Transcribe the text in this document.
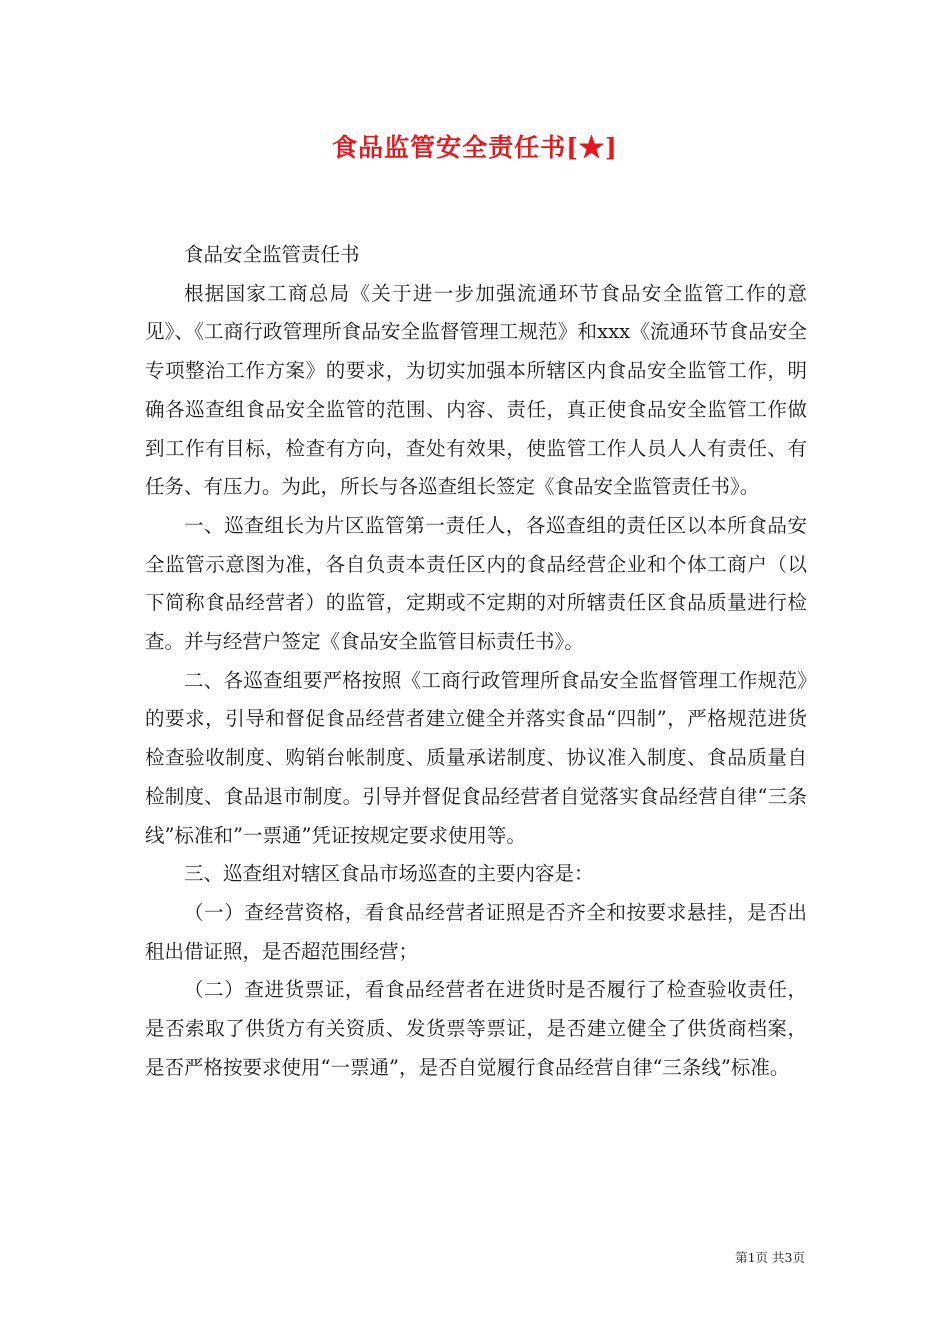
食品监管安全责任书[★]

食品安全监管责任书

根据国家工商总局《关于进一步加强流通环节食品安全监管工作的意见》、《工商行政管理所食品安全监督管理工规范》和xxx《流通环节食品安全专项整治工作方案》的要求，为切实加强本所辖区内食品安全监管工作，明确各巡查组食品安全监管的范围、内容、责任，真正使食品安全监管工作做到工作有目标，检查有方向，查处有效果，使监管工作人员人人有责任、有任务、有压力。为此，所长与各巡查组长签定《食品安全监管责任书》。

一、巡查组长为片区监管第一责任人，各巡查组的责任区以本所食品安全监管示意图为准，各自负责本责任区内的食品经营企业和个体工商户（以下简称食品经营者）的监管，定期或不定期的对所辖责任区食品质量进行检查。并与经营户签定《食品安全监管目标责任书》。

二、各巡查组要严格按照《工商行政管理所食品安全监督管理工作规范》的要求，引导和督促食品经营者建立健全并落实食品“四制”，严格规范进货检查验收制度、购销台帐制度、质量承诺制度、协议准入制度、食品质量自检制度、食品退市制度。引导并督促食品经营者自觉落实食品经营自律“三条线”标准和”一票通”凭证按规定要求使用等。

三、巡查组对辖区食品市场巡查的主要内容是：

（一）查经营资格，看食品经营者证照是否齐全和按要求悬挂，是否出租出借证照，是否超范围经营；

（二）查进货票证，看食品经营者在进货时是否履行了检查验收责任，是否索取了供货方有关资质、发货票等票证，是否建立健全了供货商档案，是否严格按要求使用“一票通”，是否自觉履行食品经营自律“三条线”标准。

第1页 共3页
